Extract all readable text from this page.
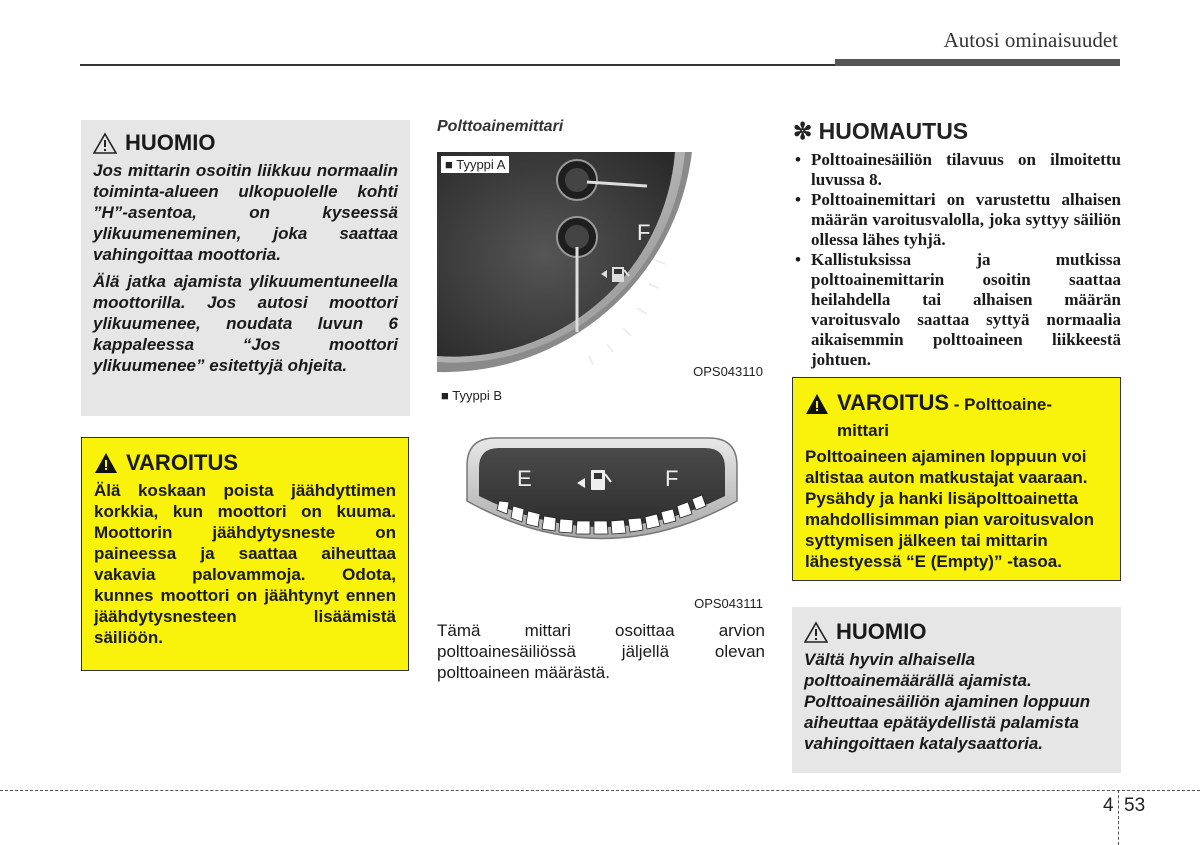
Autosi ominaisuudet
HUOMIO

Jos mittarin osoitin liikkuu normaalin toiminta-alueen ulkopuolelle kohti ”H”-asentoa, on kyseessä ylikuumeneminen, joka saattaa vahingoittaa moottoria.

Älä jatka ajamista ylikuumentuneella moottorilla. Jos autosi moottori ylikuumenee, noudata luvun 6 kappaleessa “Jos moottori ylikuumenee” esitettyjä ohjeita.

VAROITUS

Älä koskaan poista jäähdyttimen korkkia, kun moottori on kuuma. Moottorin jäähdytysneste on paineessa ja saattaa aiheuttaa vakavia palovammoja. Odota, kunnes moottori on jäähtynyt ennen jäähdytysnesteen lisäämistä säiliöön.

Polttoainemittari
F
■ Tyyppi A
OPS043110
■ Tyyppi B
E	F
OPS043111
Tämä mittari osoittaa arvion polttoainesäiliössä jäljellä olevan polttoaineen määrästä.
✼ HUOMAUTUS
• Polttoainesäiliön tilavuus on ilmoitettu luvussa 8.
• Polttoainemittari on varustettu alhaisen määrän varoitusvalolla, joka syttyy säiliön ollessa lähes tyhjä.
• Kallistuksissa ja mutkissa polttoainemittarin osoitin saattaa heilahdella tai alhaisen määrän varoitusvalo saattaa syttyä normaalia aikaisemmin polttoaineen liikkeestä johtuen.
VAROITUS - Polttoaine-
mittari

Polttoaineen ajaminen loppuun voi altistaa auton matkustajat vaaraan. Pysähdy ja hanki lisäpolttoainetta mahdollisimman pian varoitusvalon syttymisen jälkeen tai mittarin lähestyessä “E (Empty)” -tasoa.

HUOMIO

Vältä hyvin alhaisella polttoainemäärällä ajamista. Polttoainesäiliön ajaminen loppuun aiheuttaa epätäydellistä palamista vahingoittaen katalysaattoria.

4 53
